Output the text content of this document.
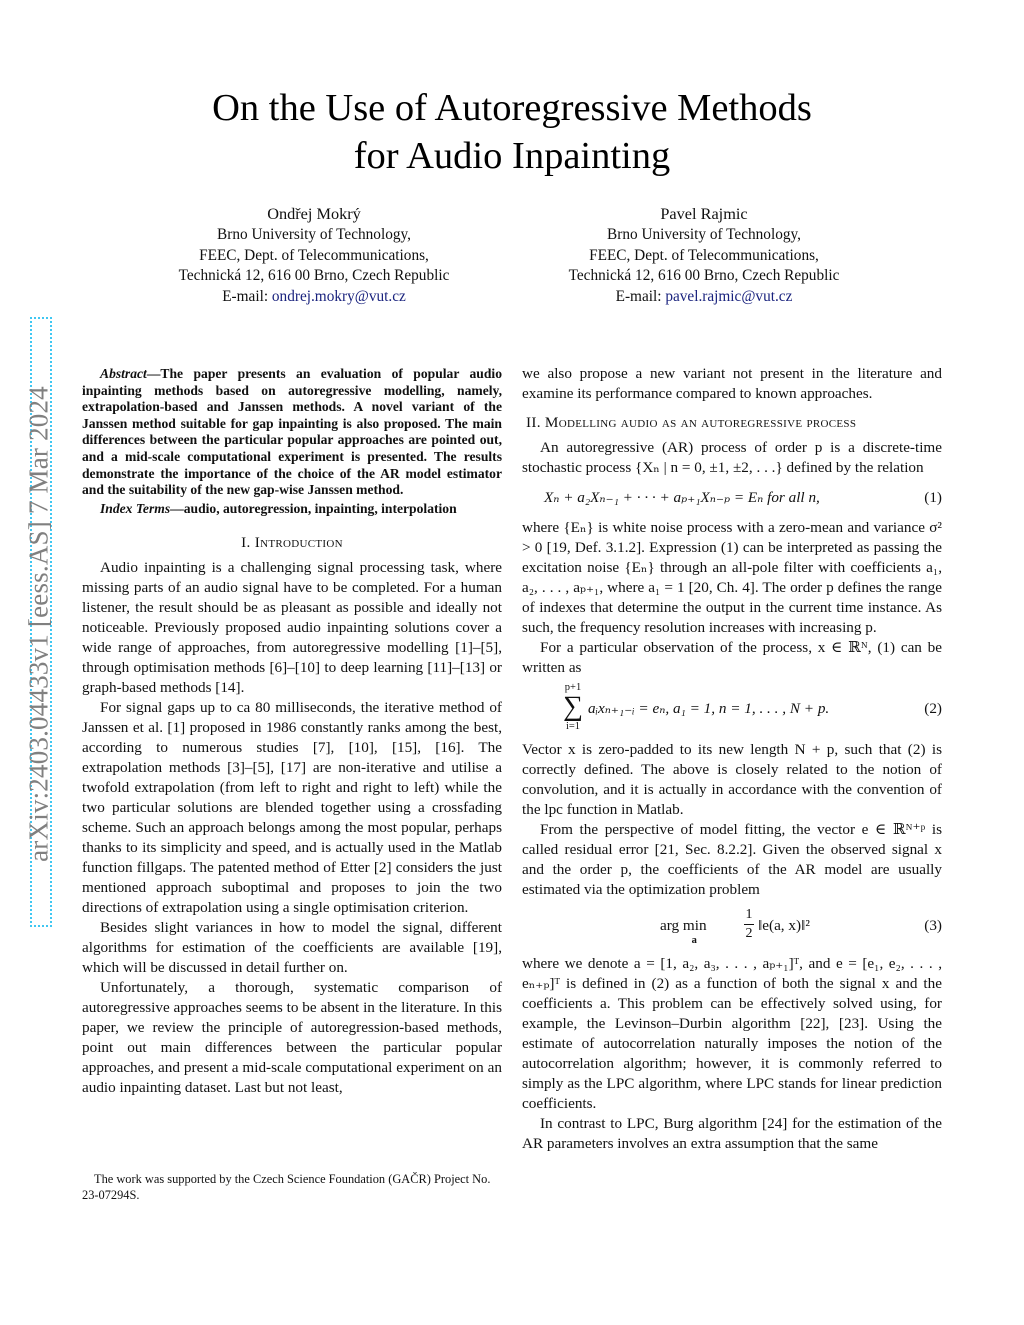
arXiv:2403.04433v1 [eess.AS] 7 Mar 2024
On the Use of Autoregressive Methods
for Audio Inpainting
Ondřej Mokrý
Brno University of Technology,
FEEC, Dept. of Telecommunications,
Technická 12, 616 00 Brno, Czech Republic
E-mail: ondrej.mokry@vut.cz
Pavel Rajmic
Brno University of Technology,
FEEC, Dept. of Telecommunications,
Technická 12, 616 00 Brno, Czech Republic
E-mail: pavel.rajmic@vut.cz
Abstract—The paper presents an evaluation of popular audio inpainting methods based on autoregressive modelling, namely, extrapolation-based and Janssen methods. A novel variant of the Janssen method suitable for gap inpainting is also proposed. The main differences between the particular popular approaches are pointed out, and a mid-scale computational experiment is presented. The results demonstrate the importance of the choice of the AR model estimator and the suitability of the new gap-wise Janssen method.
Index Terms—audio, autoregression, inpainting, interpolation
I. Introduction

Audio inpainting is a challenging signal processing task, where missing parts of an audio signal have to be completed. For a human listener, the result should be as pleasant as possible and ideally not noticeable. Previously proposed audio inpainting solutions cover a wide range of approaches, from autoregressive modelling [1]–[5], through optimisation methods [6]–[10] to deep learning [11]–[13] or graph-based methods [14].

For signal gaps up to ca 80 milliseconds, the iterative method of Janssen et al. [1] proposed in 1986 constantly ranks among the best, according to numerous studies [7], [10], [15], [16]. The extrapolation methods [3]–[5], [17] are non-iterative and utilise a twofold extrapolation (from left to right and right to left) while the two particular solutions are blended together using a crossfading scheme. Such an approach belongs among the most popular, perhaps thanks to its simplicity and speed, and is actually used in the Matlab function fillgaps. The patented method of Etter [2] considers the just mentioned approach suboptimal and proposes to join the two directions of extrapolation using a single optimisation criterion.

Besides slight variances in how to model the signal, different algorithms for estimation of the coefficients are available [19], which will be discussed in detail further on.

Unfortunately, a thorough, systematic comparison of autoregressive approaches seems to be absent in the literature. In this paper, we review the principle of autoregression-based methods, point out main differences between the particular popular approaches, and present a mid-scale computational experiment on an audio inpainting dataset. Last but not least,

The work was supported by the Czech Science Foundation (GAČR) Project No. 23-07294S.

we also propose a new variant not present in the literature and examine its performance compared to known approaches.

II. Modelling audio as an autoregressive process

An autoregressive (AR) process of order p is a discrete-time stochastic process {Xₙ | n = 0, ±1, ±2, . . .} defined by the relation

Xₙ + a₂Xₙ₋₁ + · · · + aₚ₊₁Xₙ₋ₚ = Eₙ for all n,	(1)

where {Eₙ} is white noise process with a zero-mean and variance σ² > 0 [19, Def. 3.1.2]. Expression (1) can be interpreted as passing the excitation noise {Eₙ} through an all-pole filter with coefficients a₁, a₂, . . . , aₚ₊₁, where a₁ = 1 [20, Ch. 4]. The order p defines the range of indexes that determine the output in the current time instance. As such, the frequency resolution increases with increasing p.

For a particular observation of the process, x ∈ ℝᴺ, (1) can be written as

p+1
∑
i=1
aᵢxₙ₊₁₋ᵢ = eₙ, a₁ = 1, n = 1, . . . , N + p.	(2)

Vector x is zero-padded to its new length N + p, such that (2) is correctly defined. The above is closely related to the notion of convolution, and it is actually in accordance with the convention of the lpc function in Matlab.

From the perspective of model fitting, the vector e ∈ ℝᴺ⁺ᵖ is called residual error [21, Sec. 8.2.2]. Given the observed signal x and the order p, the coefficients of the AR model are usually estimated via the optimization problem

arg min
a
1
2 ‖e(a, x)‖²	(3)

where we denote a = [1, a₂, a₃, . . . , aₚ₊₁]ᵀ, and e = [e₁, e₂, . . . , eₙ₊ₚ]ᵀ is defined in (2) as a function of both the signal x and the coefficients a. This problem can be effectively solved using, for example, the Levinson–Durbin algorithm [22], [23]. Using the estimate of autocorrelation naturally imposes the notion of the autocorrelation algorithm; however, it is commonly referred to simply as the LPC algorithm, where LPC stands for linear prediction coefficients.

In contrast to LPC, Burg algorithm [24] for the estimation of the AR parameters involves an extra assumption that the same
